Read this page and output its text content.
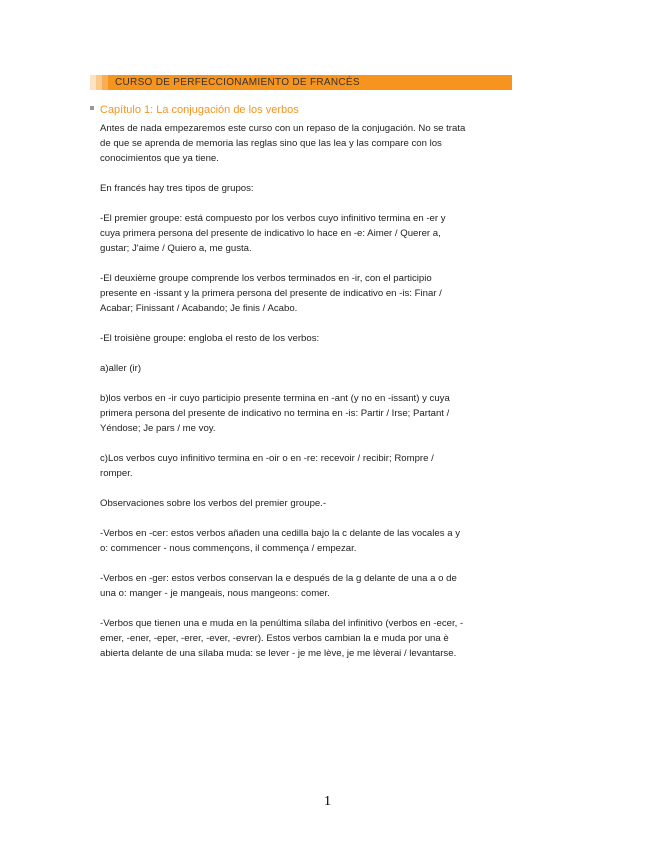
CURSO DE PERFECCIONAMIENTO DE FRANCÉS
Capítulo 1: La conjugación de los verbos
Antes de nada empezaremos este curso con un repaso de la conjugación. No se trata
de que se aprenda de memoria las reglas sino que las lea y las compare con los
conocimientos que ya tiene.
En francés hay tres tipos de grupos:
-El premier groupe: está compuesto por los verbos cuyo infinitivo termina en -er y
cuya primera persona del presente de indicativo lo hace en -e: Aimer / Querer a,
gustar; J'aime / Quiero a, me gusta.
-El deuxième groupe comprende los verbos terminados en -ir, con el participio
presente en -issant y la primera persona del presente de indicativo en -is: Finar /
Acabar; Finissant / Acabando; Je finis / Acabo.
-El troisiène groupe: engloba el resto de los verbos:
a)aller (ir)
b)los verbos en -ir cuyo participio presente termina en -ant (y no en -issant) y cuya
primera persona del presente de indicativo no termina en -is: Partir / Irse; Partant /
Yéndose; Je pars / me voy.
c)Los verbos cuyo infinitivo termina en -oir o en -re: recevoir / recibir; Rompre /
romper.
Observaciones sobre los verbos del premier groupe.-
-Verbos en -cer: estos verbos añaden una cedilla bajo la c delante de las vocales a y
o: commencer - nous commençons, il commença / empezar.
-Verbos en -ger: estos verbos conservan la e después de la g delante de una a o de
una o: manger - je mangeais, nous mangeons: comer.
-Verbos que tienen una e muda en la penúltima sílaba del infinitivo (verbos en -ecer, -
emer, -ener, -eper, -erer, -ever, -evrer). Estos verbos cambian la e muda por una è
abierta delante de una sílaba muda: se lever - je me lève, je me lèverai / levantarse.
1
